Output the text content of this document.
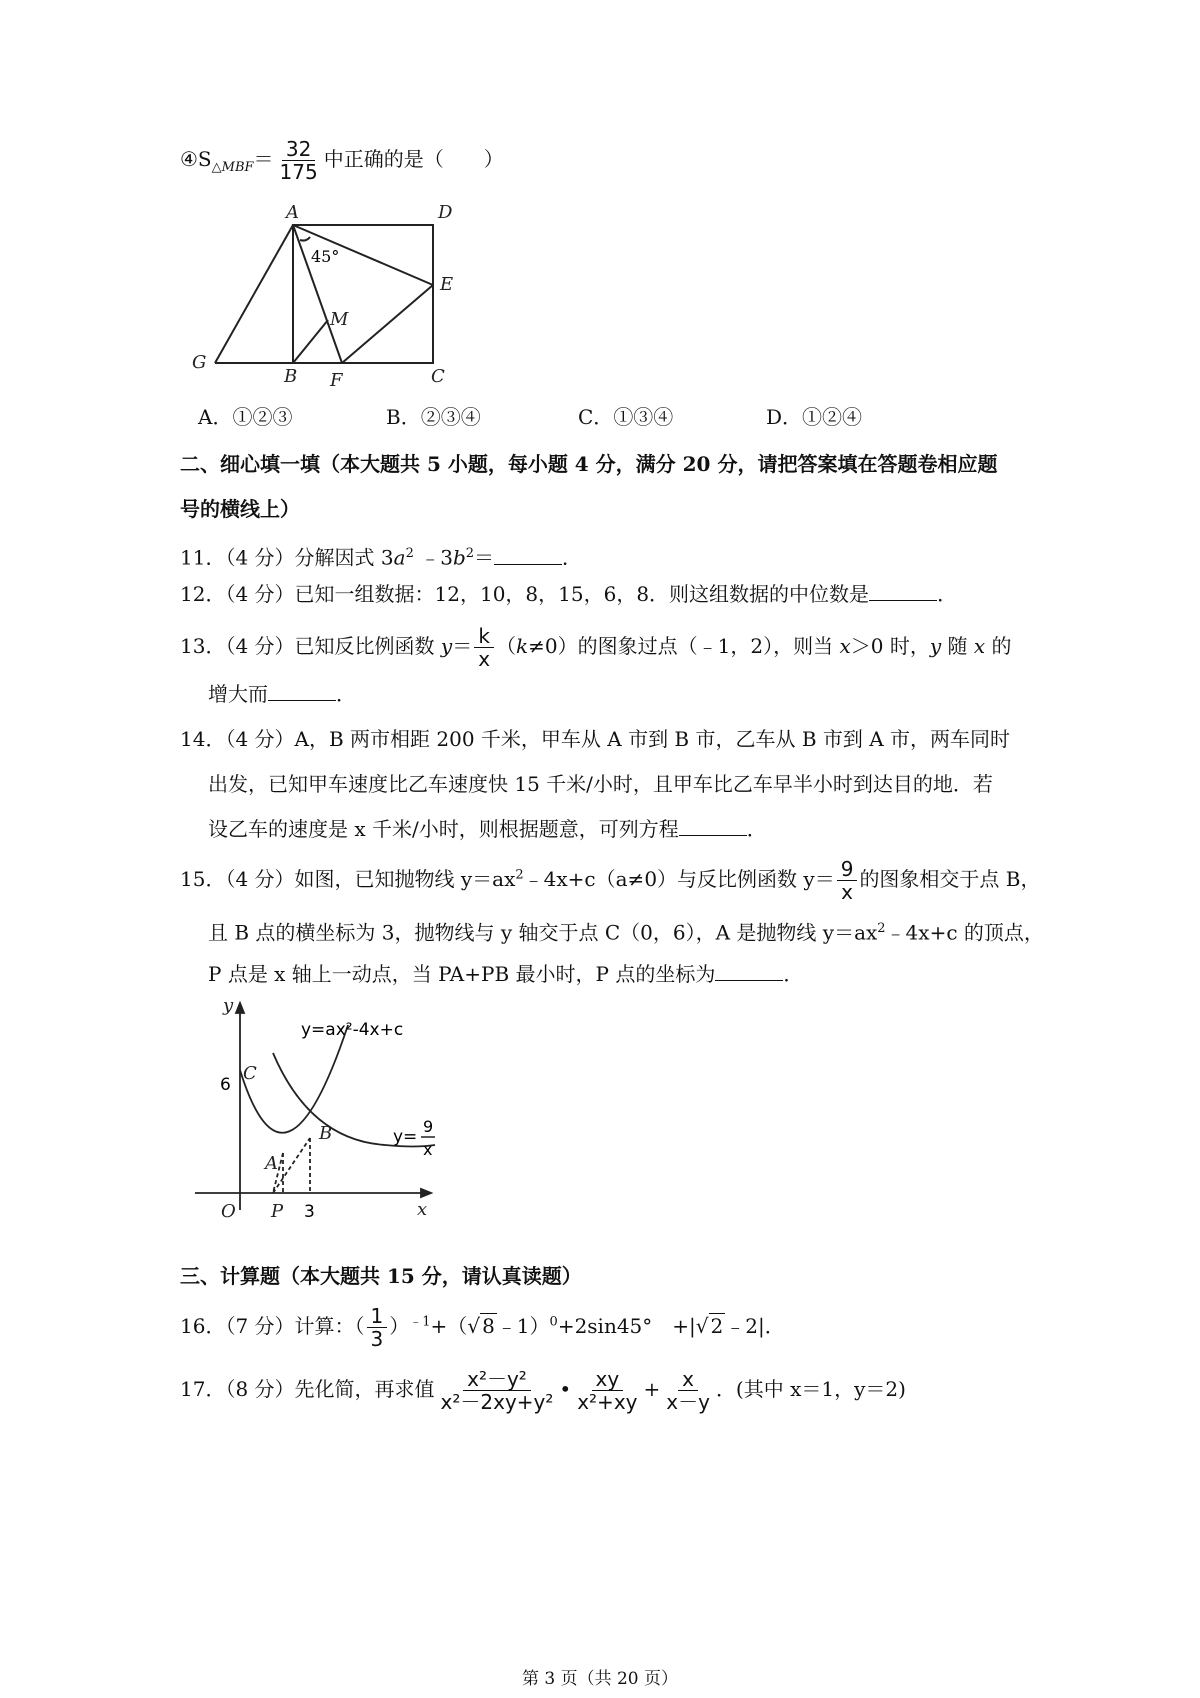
$④S_{\triangle MBF}= \frac{32}{175}$ 中正确的是（　　）
A	D
E
M
G
B F	C
45°
A．①②③	B．②③④	C．①③④	D．①②④
二、细心填一填（本大题共 5 小题，每小题 4 分，满分 20 分，请把答案填在答题卷相应题
号的横线上）
11．（4 分）分解因式 $3a^2$ $﹣3b^2=$	．
12．（4 分）已知一组数据：12，10，8，15，6，8．则这组数据的中位数是	．
13．（4 分）已知反比例函数 $y= \frac{k}{x} (k\ne 0)$的图象过点（﹣1，2），则当 x＞0 时，y 随 x 的
增大而	．
14．（4 分）A，B 两市相距 200 千米，甲车从 A 市到 B 市，乙车从 B 市到 A 市，两车同时
出发，已知甲车速度比乙车速度快 15 千米/小时，且甲车比乙车早半小时到达目的地．若
设乙车的速度是 x 千米/小时，则根据题意，可列方程	．
15．（4 分）如图，已知抛物线 $y=ax^2﹣4x+c(a\ne 0)$与反比例函数 $y= \frac{9}{x}$ 的图象相交于点 B，
且 B 点的横坐标为 3，抛物线与 y 轴交于点 C（0，6），A 是抛物线 $y=ax^2﹣4x+c$ 的顶点，
P 点是 x 轴上一动点，当 PA+PB 最小时，P 点的坐标为	．
y
x
O
6
C
A
B
P 3
y=ax²-4x+c
y=
9
x
三、计算题（本大题共 15 分，请认真读题）
16．（7 分）计算：（ $\frac{1}{3} )^{﹣1}+(√$ 8 ﹣1）$^0$+2sin45°　+|√ 2 ﹣2|．
17．（8 分）先化简，再求值 $\frac{\text{x²－y²}}{\text{x²－2xy+y²}}$ • $\frac{xy}{\text{x²+xy}} + \frac{x}{x-y}$ ．(其中 x＝1，y＝2)
第 3 页（共 20 页）
